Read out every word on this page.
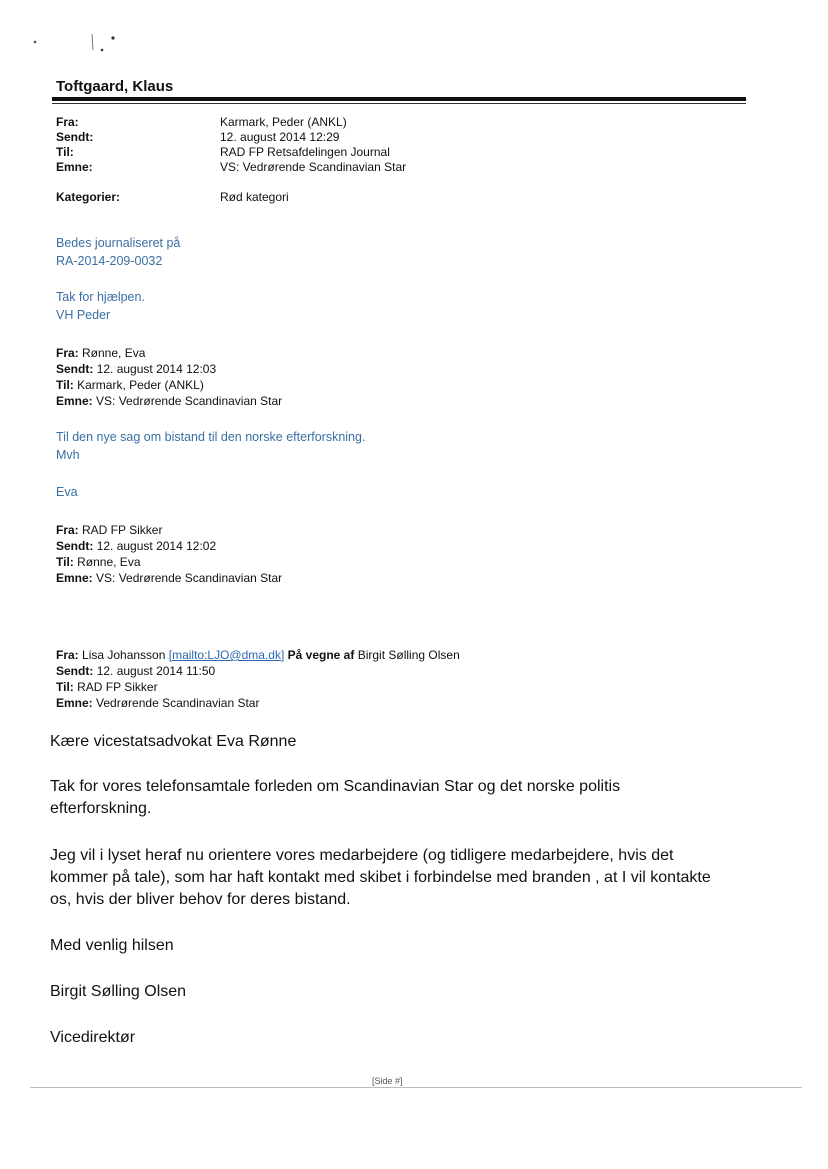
Toftgaard, Klaus
Fra:	Karmark, Peder (ANKL)
Sendt:	12. august 2014 12:29
Til:	RAD FP Retsafdelingen Journal
Emne:	VS: Vedrørende Scandinavian Star
Kategorier:	Rød kategori
Bedes journaliseret på
RA-2014-209-0032
Tak for hjælpen.
VH Peder
Fra: Rønne, Eva
Sendt: 12. august 2014 12:03
Til: Karmark, Peder (ANKL)
Emne: VS: Vedrørende Scandinavian Star
Til den nye sag om bistand til den norske efterforskning.
Mvh
Eva
Fra: RAD FP Sikker
Sendt: 12. august 2014 12:02
Til: Rønne, Eva
Emne: VS: Vedrørende Scandinavian Star
Fra: Lisa Johansson [mailto:LJO@dma.dk] På vegne af Birgit Sølling Olsen
Sendt: 12. august 2014 11:50
Til: RAD FP Sikker
Emne: Vedrørende Scandinavian Star
Kære vicestatsadvokat Eva Rønne
Tak for vores telefonsamtale forleden om Scandinavian Star og det norske politis efterforskning.
Jeg vil i lyset heraf nu orientere vores medarbejdere (og tidligere medarbejdere, hvis det kommer på tale), som har haft kontakt med skibet i forbindelse med branden , at I vil kontakte os, hvis der bliver behov for deres bistand.
Med venlig hilsen
Birgit Sølling Olsen
Vicedirektør
[Side #]
